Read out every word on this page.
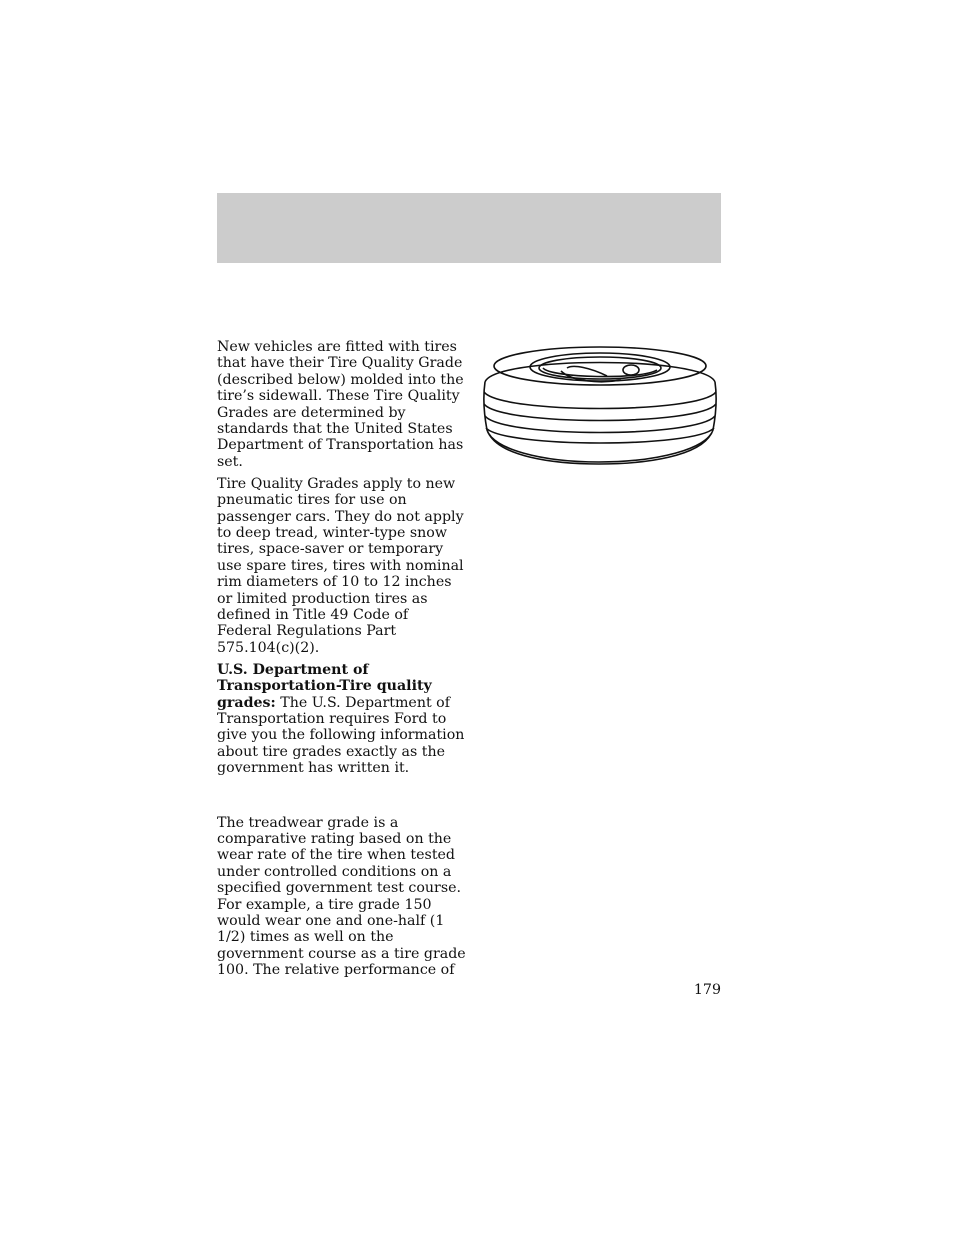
New vehicles are fitted with tires that have their Tire Quality Grade (described below) molded into the tire’s sidewall. These Tire Quality Grades are determined by standards that the United States Department of Transportation has set.

Tire Quality Grades apply to new pneumatic tires for use on passenger cars. They do not apply to deep tread, winter-type snow tires, space-saver or temporary use spare tires, tires with nominal rim diameters of 10 to 12 inches or limited production tires as defined in Title 49 Code of Federal Regulations Part 575.104(c)(2).

U.S. Department of Transportation-Tire quality grades: The U.S. Department of Transportation requires Ford to give you the following information about tire grades exactly as the government has written it.

The treadwear grade is a comparative rating based on the wear rate of the tire when tested under controlled conditions on a specified government test course. For example, a tire grade 150 would wear one and one-half (1 1/2) times as well on the government course as a tire grade 100. The relative performance of

179
